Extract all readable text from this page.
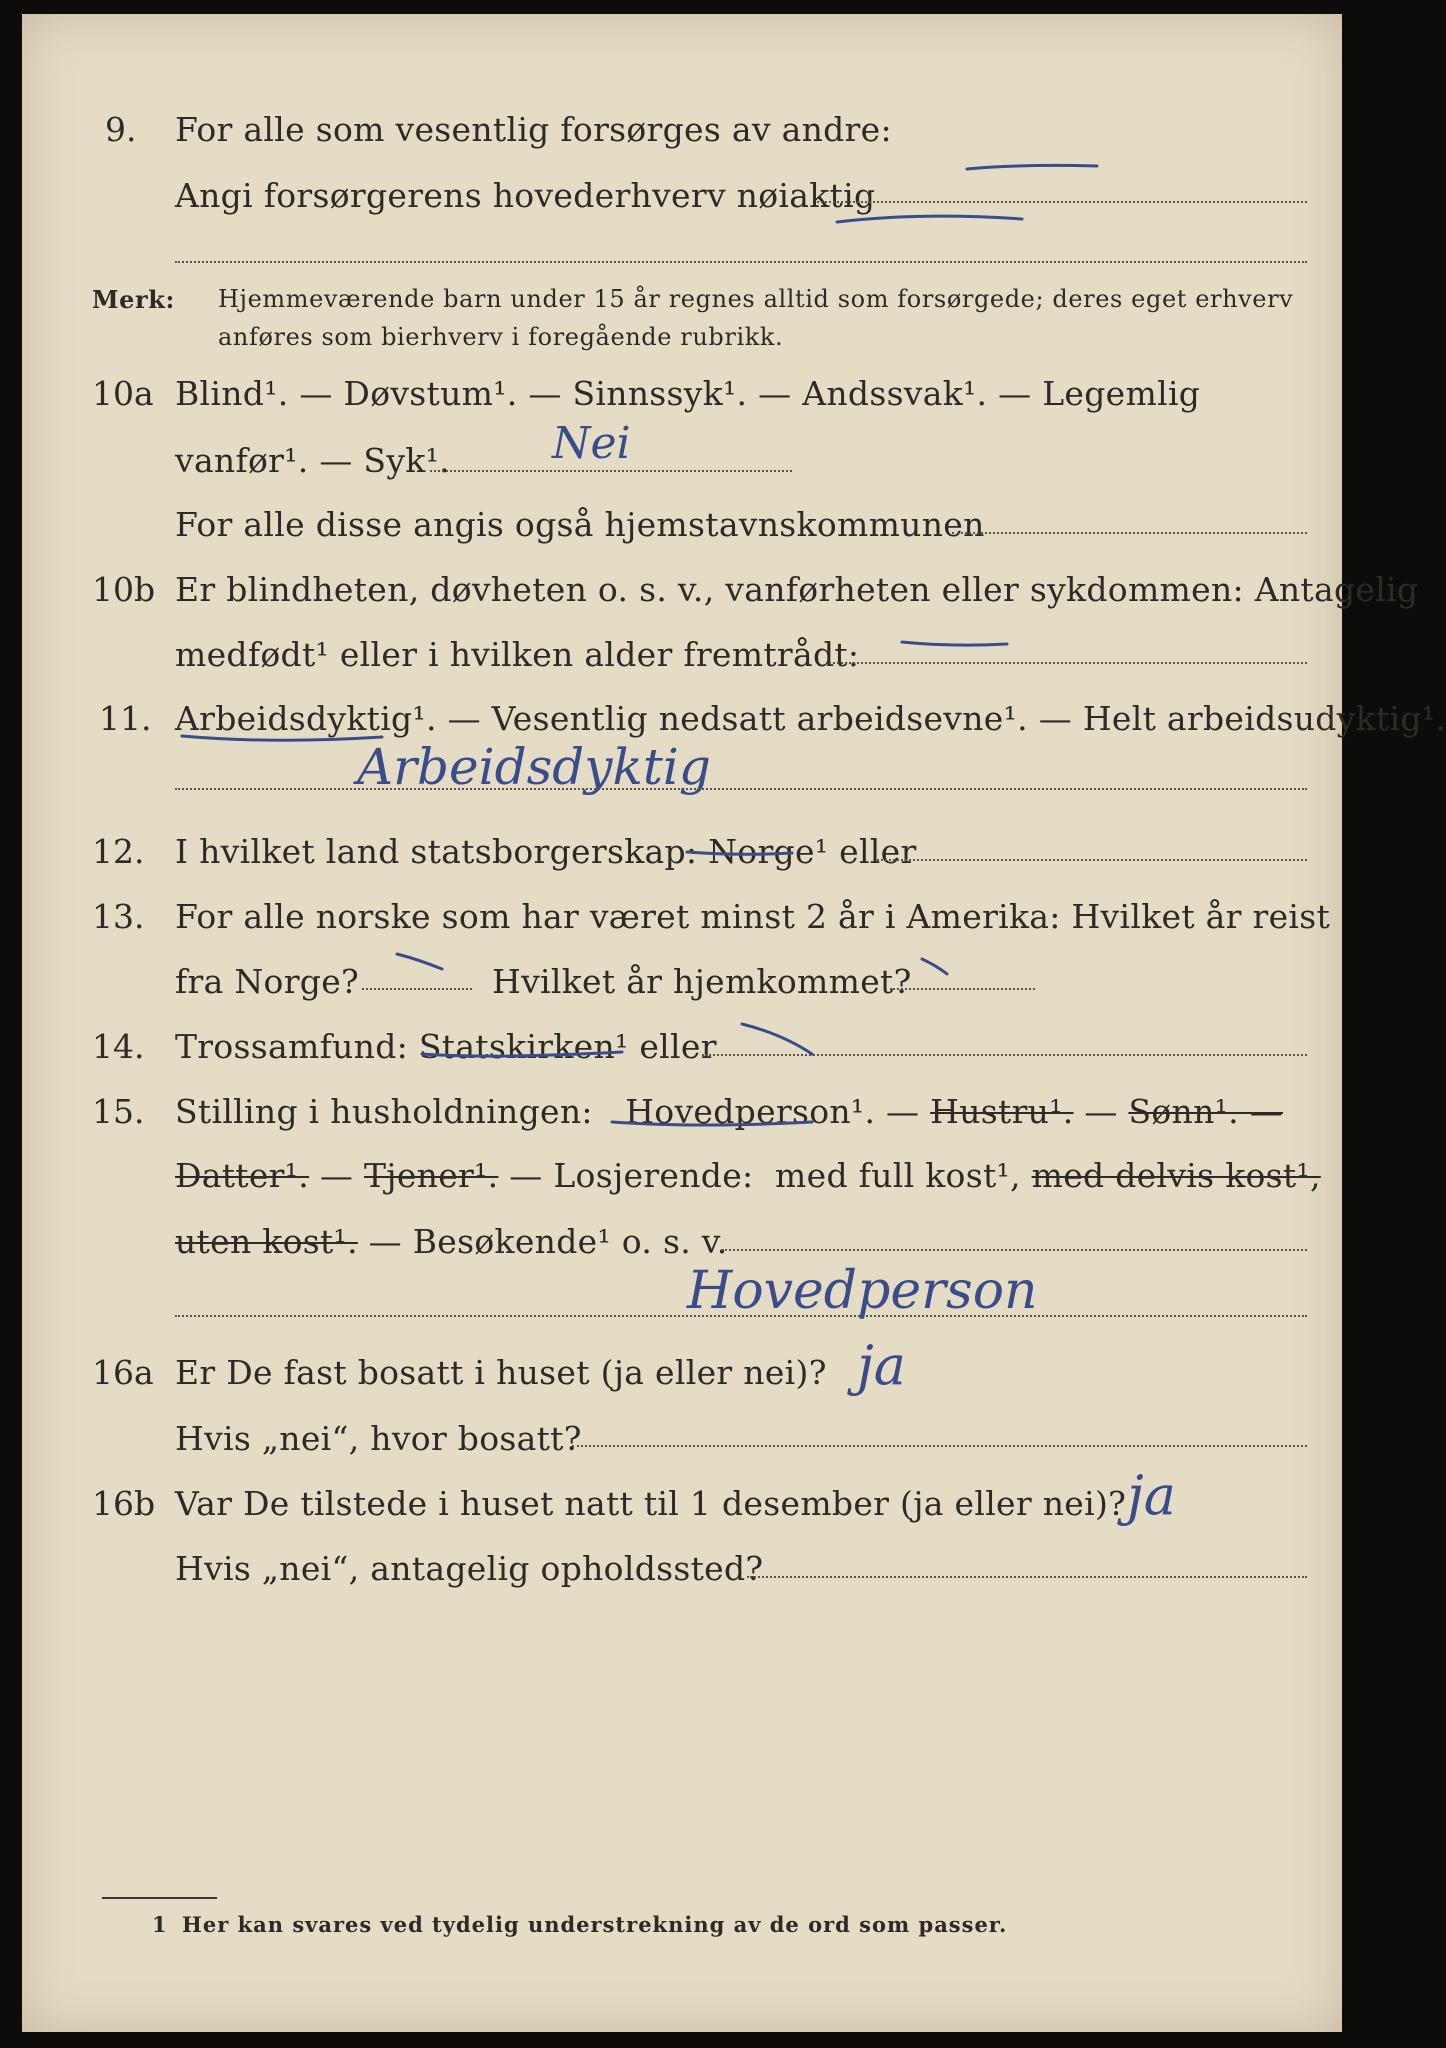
9. For alle som vesentlig forsørges av andre:
Angi forsørgerens hovederhverv nøiaktig
Merk: Hjemmeværende barn under 15 år regnes alltid som forsørgede; deres eget erhverv
anføres som bierhverv i foregående rubrikk.
10a Blind¹. — Døvstum¹. — Sinnssyk¹. — Andssvak¹. — Legemlig
vanfør¹. — Syk¹. Nei
For alle disse angis også hjemstavnskommunen
10b Er blindheten, døvheten o. s. v., vanførheten eller sykdommen: Antagelig
medfødt¹ eller i hvilken alder fremtrådt:
11. Arbeidsdyktig¹. — Vesentlig nedsatt arbeidsevne¹. — Helt arbeidsudyktig¹.
Arbeidsdyktig
12. I hvilket land statsborgerskap: Norge¹ eller
13. For alle norske som har været minst 2 år i Amerika: Hvilket år reist
fra Norge?	Hvilket år hjemkommet?
14. Trossamfund: Statskirken¹ eller
15. Stilling i husholdningen: Hovedperson¹. — Hustru¹. — Sønn¹. —
Datter¹. — Tjener¹. — Losjerende: med full kost¹, med delvis kost¹,
uten kost¹. — Besøkende¹ o. s. v.
Hovedperson
16a Er De fast bosatt i huset (ja eller nei)? ja
Hvis „nei“, hvor bosatt?
16b Var De tilstede i huset natt til 1 desember (ja eller nei)? ja
Hvis „nei“, antagelig opholdssted?
1 Her kan svares ved tydelig understrekning av de ord som passer.
